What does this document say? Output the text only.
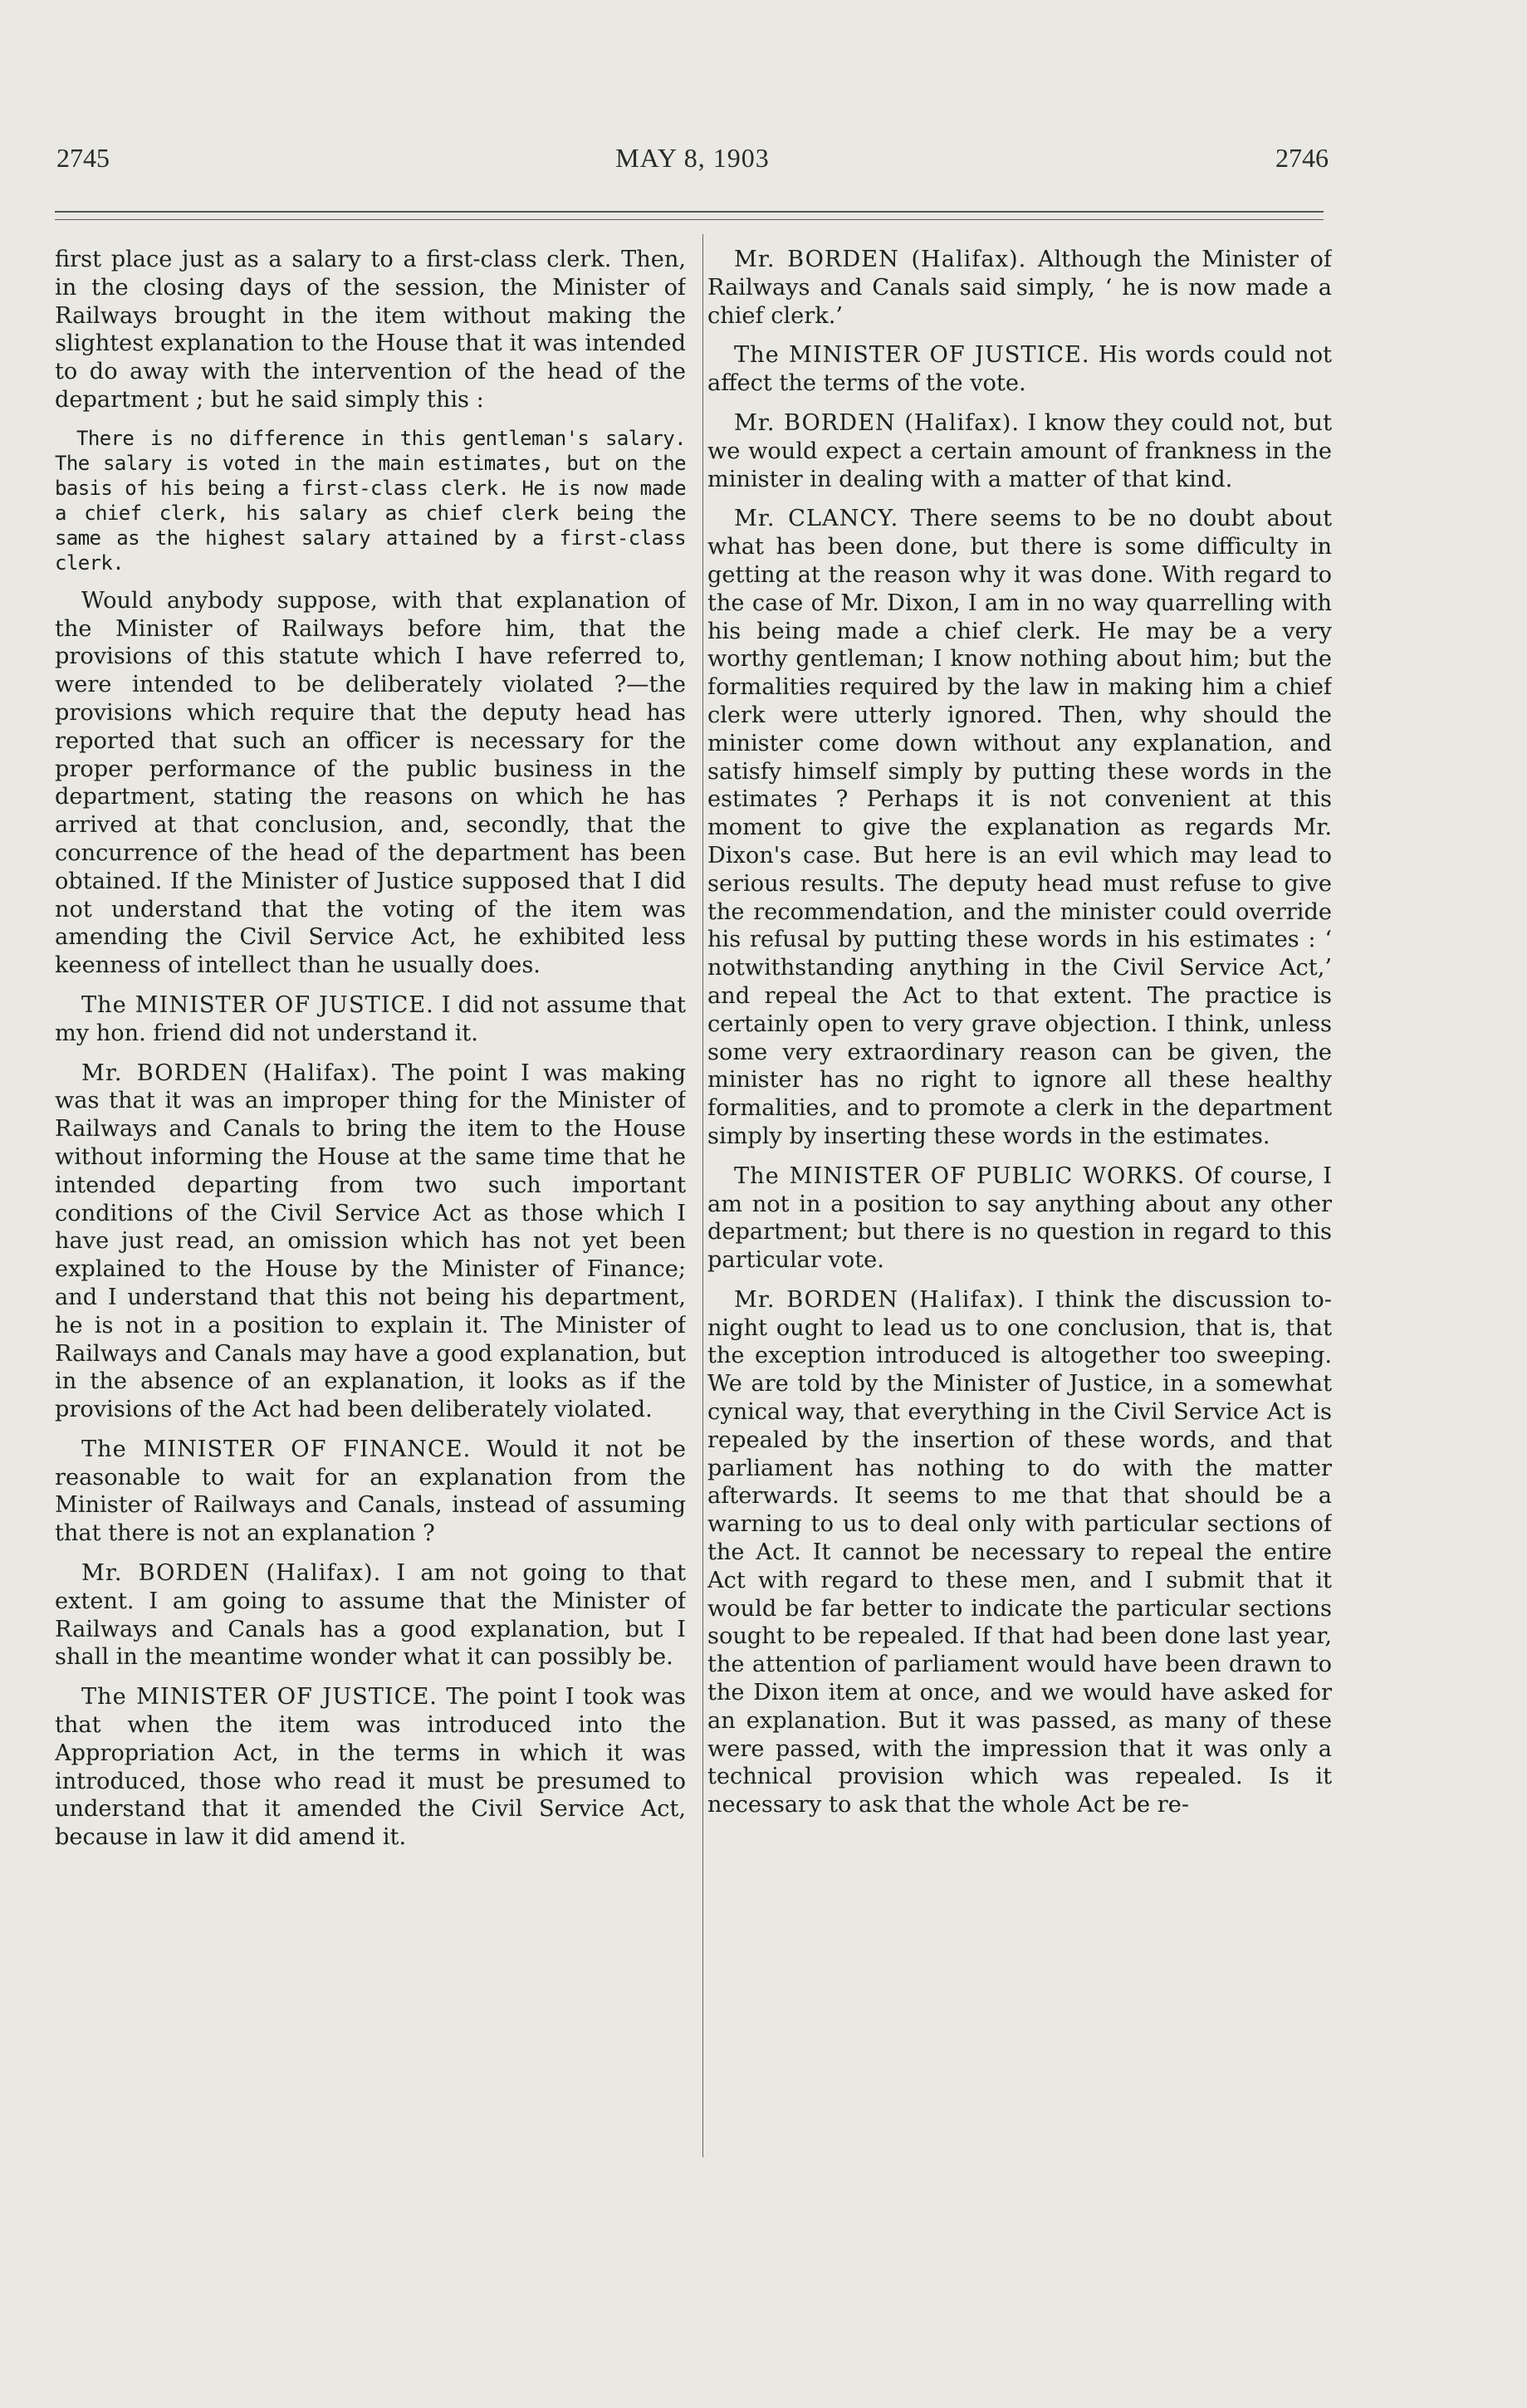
2745	MAY 8, 1903	2746

first place just as a salary to a first-class clerk. Then, in the closing days of the session, the Minister of Railways brought in the item without making the slightest explanation to the House that it was intended to do away with the intervention of the head of the department ; but he said simply this :

There is no difference in this gentleman's salary. The salary is voted in the main estimates, but on the basis of his being a first-class clerk. He is now made a chief clerk, his salary as chief clerk being the same as the highest salary attained by a first-class clerk.

Would anybody suppose, with that explanation of the Minister of Railways before him, that the provisions of this statute which I have referred to, were intended to be deliberately violated ?—the provisions which require that the deputy head has reported that such an officer is necessary for the proper performance of the public business in the department, stating the reasons on which he has arrived at that conclusion, and, secondly, that the concurrence of the head of the department has been obtained. If the Minister of Justice supposed that I did not understand that the voting of the item was amending the Civil Service Act, he exhibited less keenness of intellect than he usually does.

The MINISTER OF JUSTICE. I did not assume that my hon. friend did not understand it.

Mr. BORDEN (Halifax). The point I was making was that it was an improper thing for the Minister of Railways and Canals to bring the item to the House without informing the House at the same time that he intended departing from two such important conditions of the Civil Service Act as those which I have just read, an omission which has not yet been explained to the House by the Minister of Finance; and I understand that this not being his department, he is not in a position to explain it. The Minister of Railways and Canals may have a good explanation, but in the absence of an explanation, it looks as if the provisions of the Act had been deliberately violated.

The MINISTER OF FINANCE. Would it not be reasonable to wait for an explanation from the Minister of Railways and Canals, instead of assuming that there is not an explanation ?

Mr. BORDEN (Halifax). I am not going to that extent. I am going to assume that the Minister of Railways and Canals has a good explanation, but I shall in the meantime wonder what it can possibly be.

The MINISTER OF JUSTICE. The point I took was that when the item was introduced into the Appropriation Act, in the terms in which it was introduced, those who read it must be presumed to understand that it amended the Civil Service Act, because in law it did amend it.

Mr. BORDEN (Halifax). Although the Minister of Railways and Canals said simply, ‘ he is now made a chief clerk.’

The MINISTER OF JUSTICE. His words could not affect the terms of the vote.

Mr. BORDEN (Halifax). I know they could not, but we would expect a certain amount of frankness in the minister in dealing with a matter of that kind.

Mr. CLANCY. There seems to be no doubt about what has been done, but there is some difficulty in getting at the reason why it was done. With regard to the case of Mr. Dixon, I am in no way quarrelling with his being made a chief clerk. He may be a very worthy gentleman; I know nothing about him; but the formalities required by the law in making him a chief clerk were utterly ignored. Then, why should the minister come down without any explanation, and satisfy himself simply by putting these words in the estimates ? Perhaps it is not convenient at this moment to give the explanation as regards Mr. Dixon's case. But here is an evil which may lead to serious results. The deputy head must refuse to give the recommendation, and the minister could override his refusal by putting these words in his estimates : ‘ notwithstanding anything in the Civil Service Act,’ and repeal the Act to that extent. The practice is certainly open to very grave objection. I think, unless some very extraordinary reason can be given, the minister has no right to ignore all these healthy formalities, and to promote a clerk in the department simply by inserting these words in the estimates.

The MINISTER OF PUBLIC WORKS. Of course, I am not in a position to say anything about any other department; but there is no question in regard to this particular vote.

Mr. BORDEN (Halifax). I think the discussion to-night ought to lead us to one conclusion, that is, that the exception introduced is altogether too sweeping. We are told by the Minister of Justice, in a somewhat cynical way, that everything in the Civil Service Act is repealed by the insertion of these words, and that parliament has nothing to do with the matter afterwards. It seems to me that that should be a warning to us to deal only with particular sections of the Act. It cannot be necessary to repeal the entire Act with regard to these men, and I submit that it would be far better to indicate the particular sections sought to be repealed. If that had been done last year, the attention of parliament would have been drawn to the Dixon item at once, and we would have asked for an explanation. But it was passed, as many of these were passed, with the impression that it was only a technical provision which was repealed. Is it necessary to ask that the whole Act be re-
